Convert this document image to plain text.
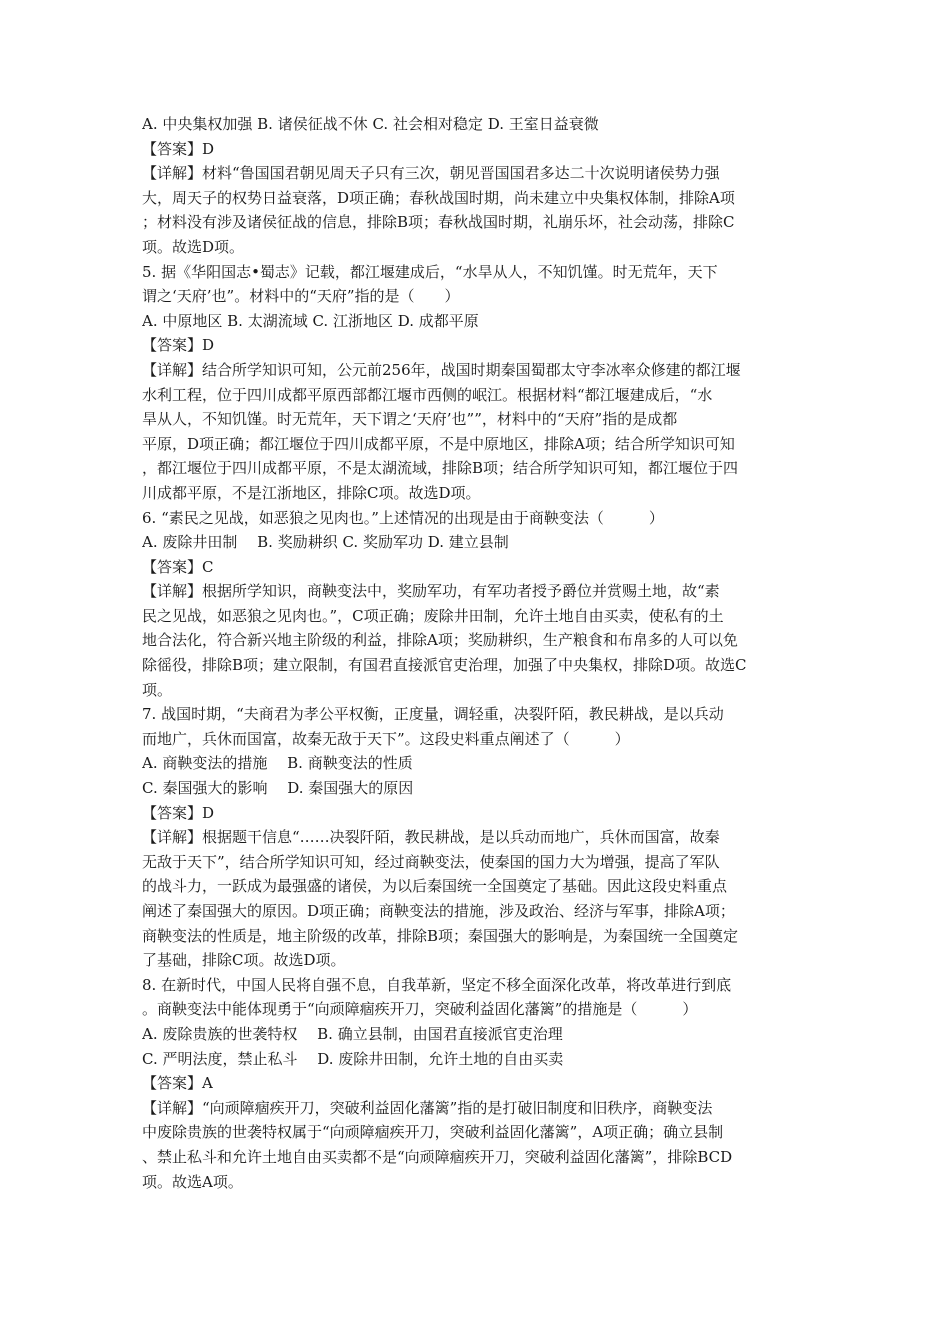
A. 中央集权加强 B. 诸侯征战不休 C. 社会相对稳定 D. 王室日益衰微
【答案】D
【详解】材料“鲁国国君朝见周天子只有三次，朝见晋国国君多达二十次说明诸侯势力强
大，周天子的权势日益衰落，D项正确；春秋战国时期，尚未建立中央集权体制，排除A项
；材料没有涉及诸侯征战的信息，排除B项；春秋战国时期，礼崩乐坏，社会动荡，排除C
项。故选D项。
5. 据《华阳国志•蜀志》记载，都江堰建成后，“水旱从人，不知饥馑。时无荒年，天下
谓之‘天府’也”。材料中的“天府”指的是（　　）
A. 中原地区 B. 太湖流域 C. 江浙地区 D. 成都平原
【答案】D
【详解】结合所学知识可知，公元前256年，战国时期秦国蜀郡太守李冰率众修建的都江堰
水利工程，位于四川成都平原西部都江堰市西侧的岷江。根据材料“都江堰建成后，“水
旱从人，不知饥馑。时无荒年，天下谓之‘天府’也””，材料中的“天府”指的是成都
平原，D项正确；都江堰位于四川成都平原，不是中原地区，排除A项；结合所学知识可知
，都江堰位于四川成都平原，不是太湖流域，排除B项；结合所学知识可知，都江堰位于四
川成都平原，不是江浙地区，排除C项。故选D项。
6. “素民之见战，如恶狼之见肉也。”上述情况的出现是由于商鞅变法（　　　）
A. 废除井田制　 B. 奖励耕织 C. 奖励军功 D. 建立县制
【答案】C
【详解】根据所学知识，商鞅变法中，奖励军功，有军功者授予爵位并赏赐土地，故“素
民之见战，如恶狼之见肉也。”，C项正确；废除井田制，允许土地自由买卖，使私有的土
地合法化，符合新兴地主阶级的利益，排除A项；奖励耕织，生产粮食和布帛多的人可以免
除徭役，排除B项；建立限制，有国君直接派官吏治理，加强了中央集权，排除D项。故选C
项。
7. 战国时期，“夫商君为孝公平权衡，正度量，调轻重，决裂阡陌，教民耕战，是以兵动
而地广，兵休而国富，故秦无敌于天下”。这段史料重点阐述了（　　　）
A. 商鞅变法的措施　 B. 商鞅变法的性质
C. 秦国强大的影响　 D. 秦国强大的原因
【答案】D
【详解】根据题干信息“……决裂阡陌，教民耕战，是以兵动而地广，兵休而国富，故秦
无敌于天下”，结合所学知识可知，经过商鞅变法，使秦国的国力大为增强，提高了军队
的战斗力，一跃成为最强盛的诸侯，为以后秦国统一全国奠定了基础。因此这段史料重点
阐述了秦国强大的原因。D项正确；商鞅变法的措施，涉及政治、经济与军事，排除A项；
商鞅变法的性质是，地主阶级的改革，排除B项；秦国强大的影响是，为秦国统一全国奠定
了基础，排除C项。故选D项。
8. 在新时代，中国人民将自强不息，自我革新，坚定不移全面深化改革，将改革进行到底
。商鞅变法中能体现勇于“向顽障痼疾开刀，突破利益固化藩篱”的措施是（　　　）
A. 废除贵族的世袭特权　 B. 确立县制，由国君直接派官吏治理
C. 严明法度，禁止私斗　 D. 废除井田制，允许土地的自由买卖
【答案】A
【详解】“向顽障痼疾开刀，突破利益固化藩篱”指的是打破旧制度和旧秩序，商鞅变法
中废除贵族的世袭特权属于“向顽障痼疾开刀，突破利益固化藩篱”，A项正确；确立县制
、禁止私斗和允许土地自由买卖都不是“向顽障痼疾开刀，突破利益固化藩篱”，排除BCD
项。故选A项。
